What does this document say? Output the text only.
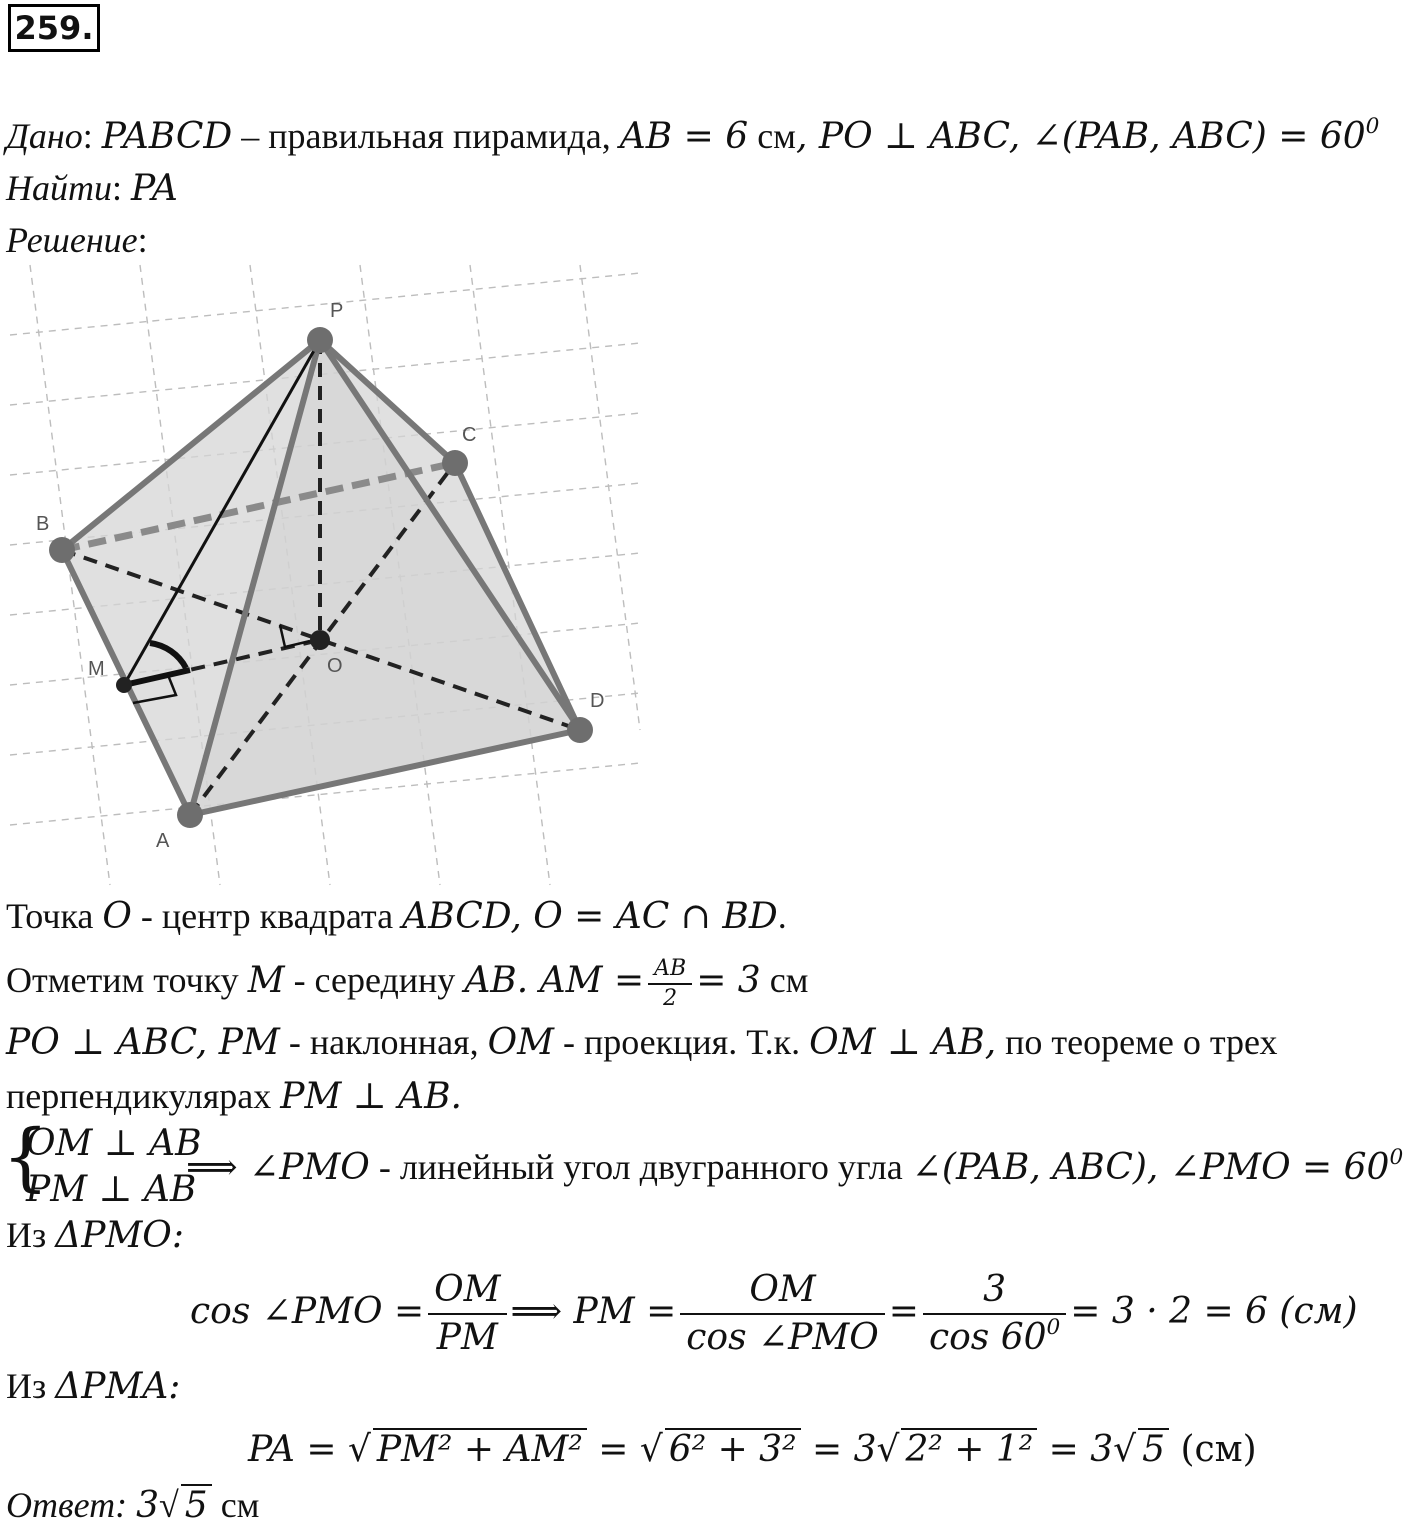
259.
Дано: PABCD – правильная пирамида, AB = 6 см, PO ⊥ ABC, ∠(PAB, $ABC) = 60^0$
Найти: PA
Решение:
P
C
B
M	O
D
A
Точка O - центр квадрата ABCD, O = AC ∩ BD.
Отметим точку M - середину AB. AM = $\frac{AB}{2} = 3$ см
PO ⊥ ABC, PM - наклонная, OM - проекция. Т.к. OM ⊥ AB, по теореме о трех
перпендикулярах PM ⊥ AB.
{
OM ⊥ AB
PM ⊥ AB
⟹ ∠PMO - линейный угол двугранного угла ∠(PAB, ABC), ∠PMO = $60^0$
Из ΔPMO:
cos ∠PMO = $\frac{OM}{PM}$ ⟹ PM = $\frac{OM}{\text{cos ∠PMO}} = \frac{3}{\cos 60^0} = 3 \cdot 2 = 6$ (см)
Из ΔPMA:
PA = √ PM² + AM² = √ 6² + 3² = 3√ 2² + 1² = 3√ 5 (см)
Ответ: 3√ 5 см
